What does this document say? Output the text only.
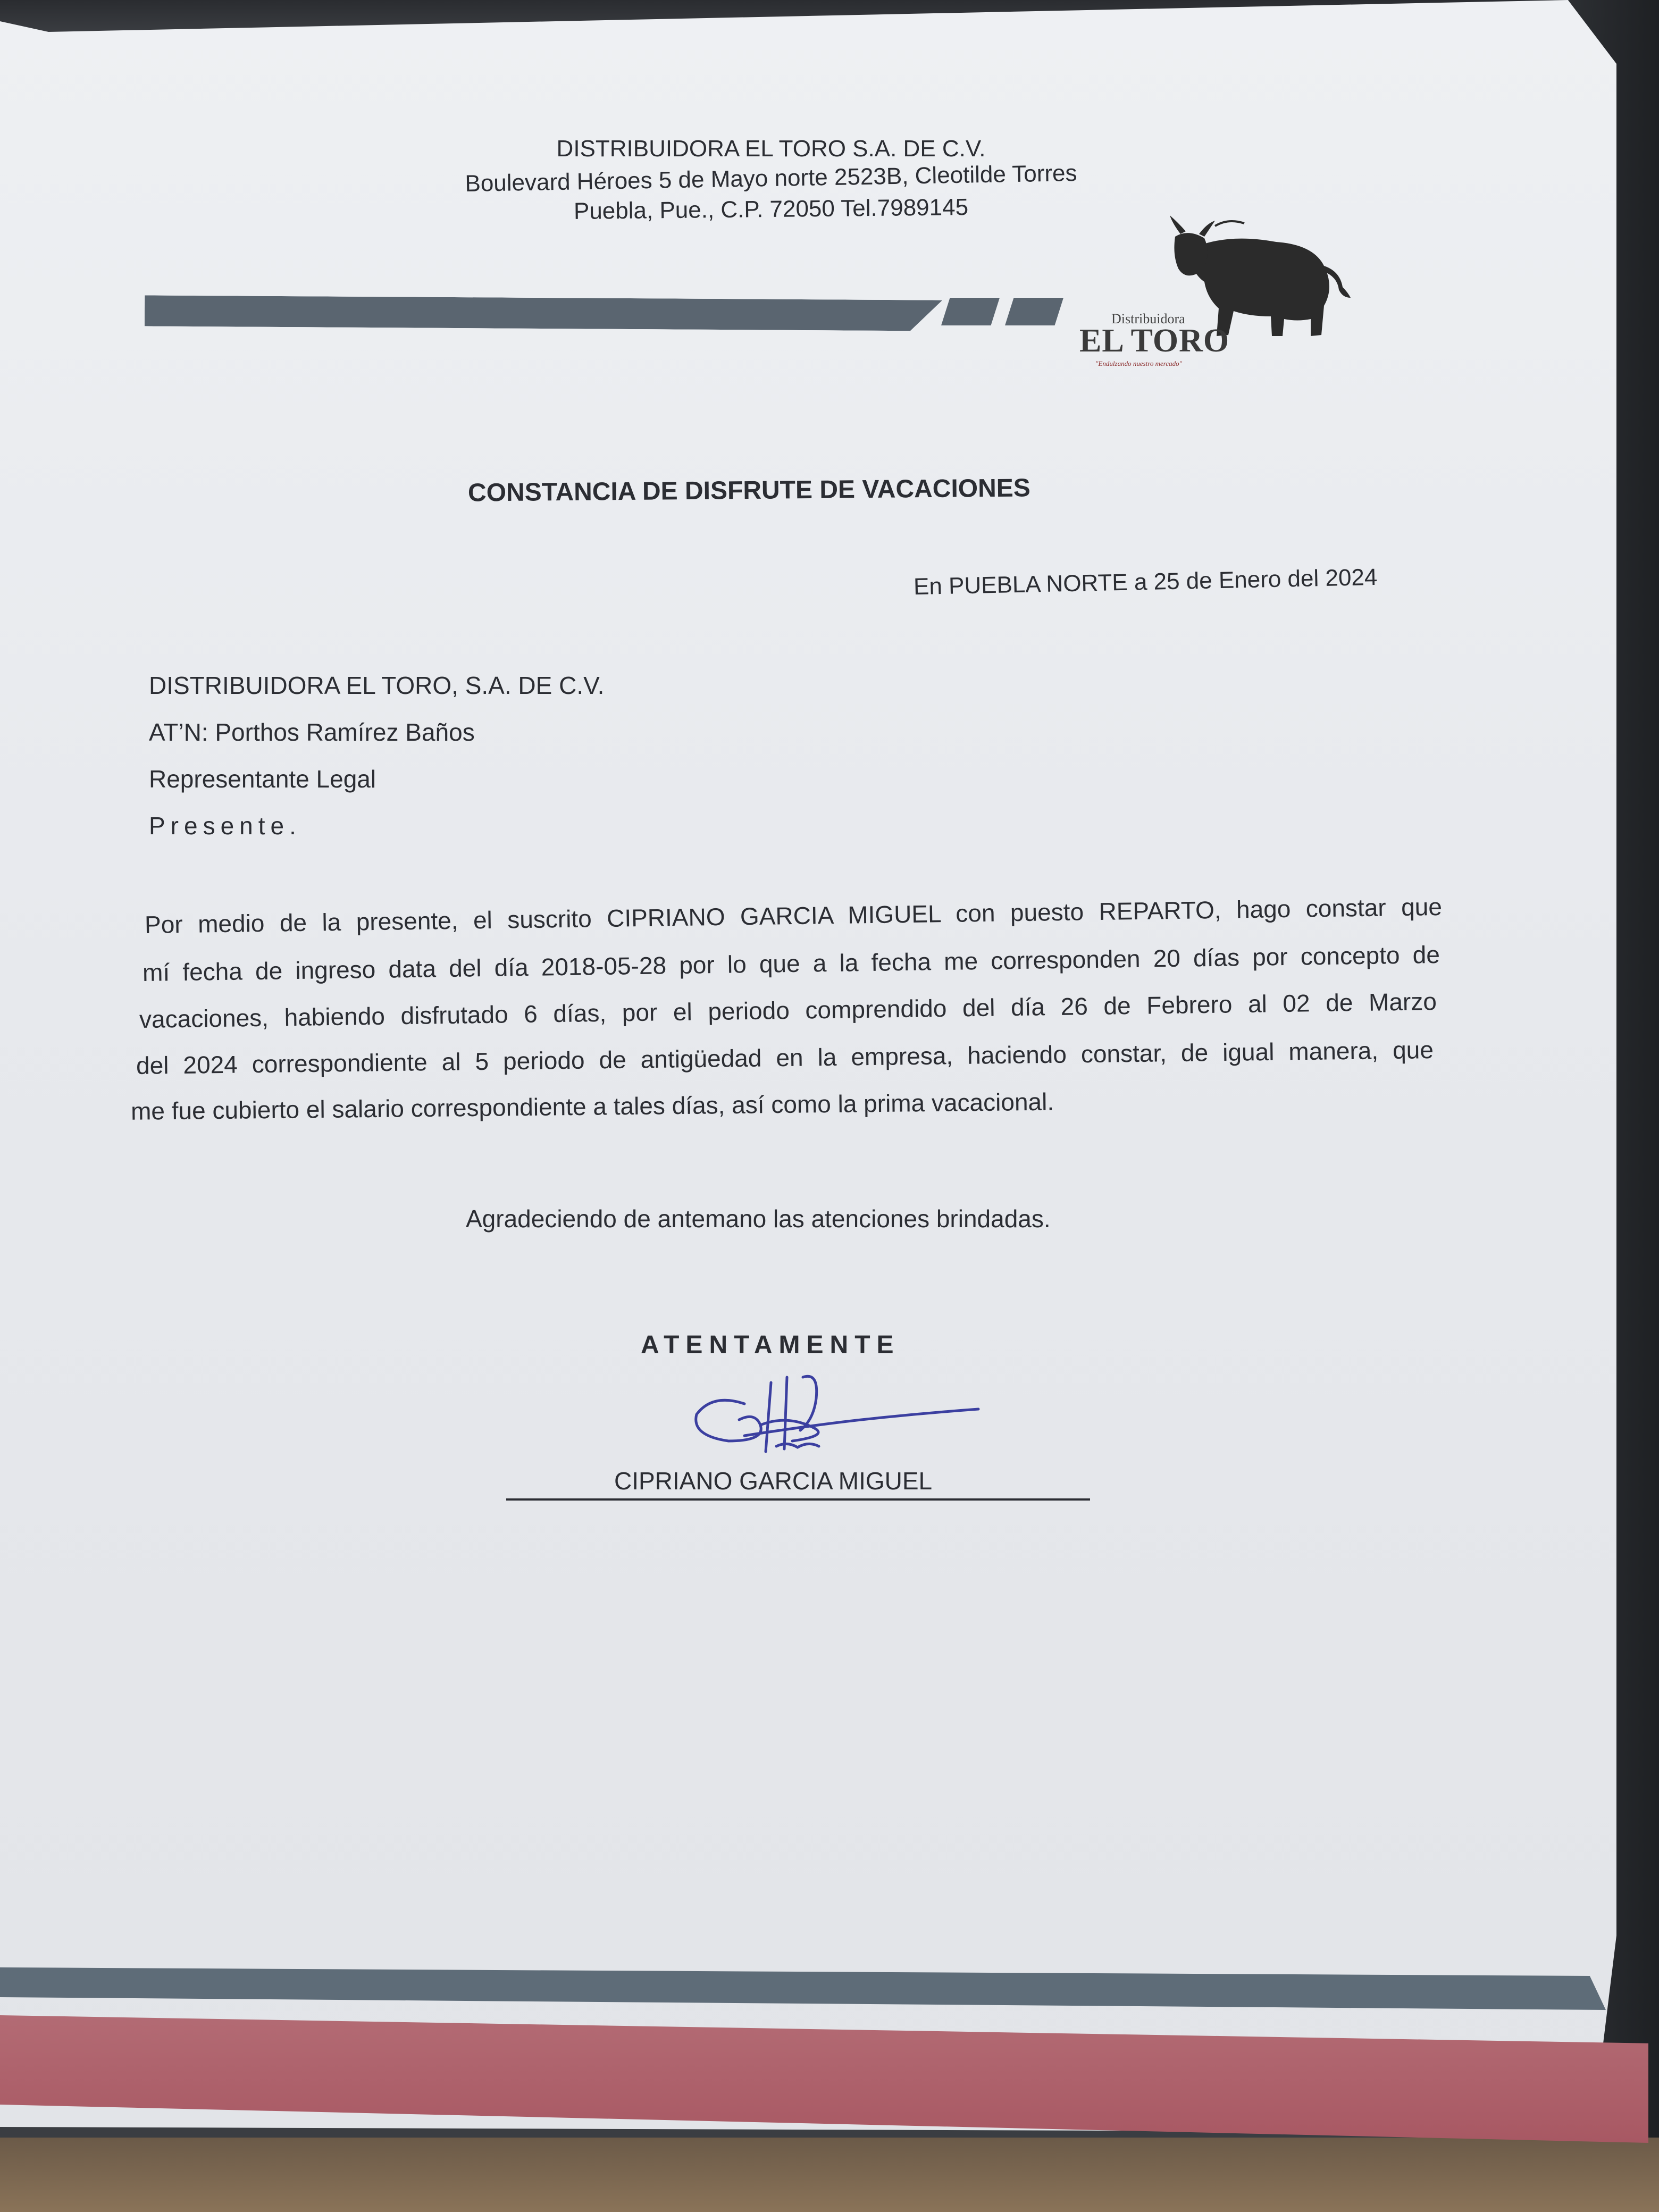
DISTRIBUIDORA EL TORO S.A. DE C.V.
Boulevard Héroes 5 de Mayo norte 2523B, Cleotilde Torres
Puebla, Pue., C.P. 72050 Tel.7989145
Distribuidora
EL TORO
"Endulzando nuestro mercado"
CONSTANCIA DE DISFRUTE DE VACACIONES
En PUEBLA NORTE a 25 de Enero del 2024
DISTRIBUIDORA EL TORO, S.A. DE C.V.
AT’N: Porthos Ramírez Baños
Representante Legal
Presente.
Por medio de la presente, el suscrito CIPRIANO GARCIA MIGUEL con puesto REPARTO, hago constar que
mí fecha de ingreso data del día 2018-05-28 por lo que a la fecha me corresponden 20 días por concepto de
vacaciones, habiendo disfrutado 6 días, por el periodo comprendido del día 26 de Febrero al 02 de Marzo
del 2024 correspondiente al 5 periodo de antigüedad en la empresa, haciendo constar, de igual manera, que
me fue cubierto el salario correspondiente a tales días, así como la prima vacacional.
Agradeciendo de antemano las atenciones brindadas.
ATENTAMENTE
CIPRIANO GARCIA MIGUEL
